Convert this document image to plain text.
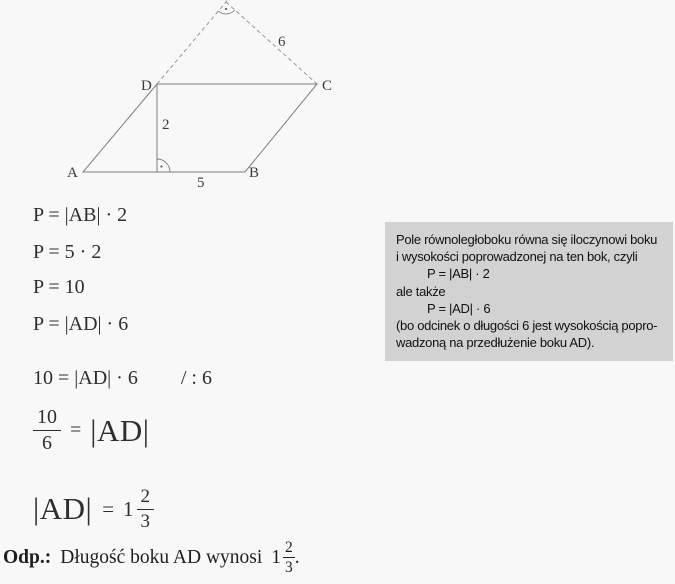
A	B
C
D
2
5
6
P = |AB| · 2
P = 5 · 2
P = 10
P = |AD| · 6
10 = |AD| · 6 / : 6
$\frac{10}{6} = |AD|$
$|AD| = 1 \frac{2}{3}$
Odp.: Długość boku AD wynosi $1 \frac{2}{3}$ .
Pole równoległoboku równa się iloczynowi boku
i wysokości poprowadzonej na ten bok, czyli
P = |AB| · 2
ale także
P = |AD| · 6
(bo odcinek o długości 6 jest wysokością popro-
wadzoną na przedłużenie boku AD).
